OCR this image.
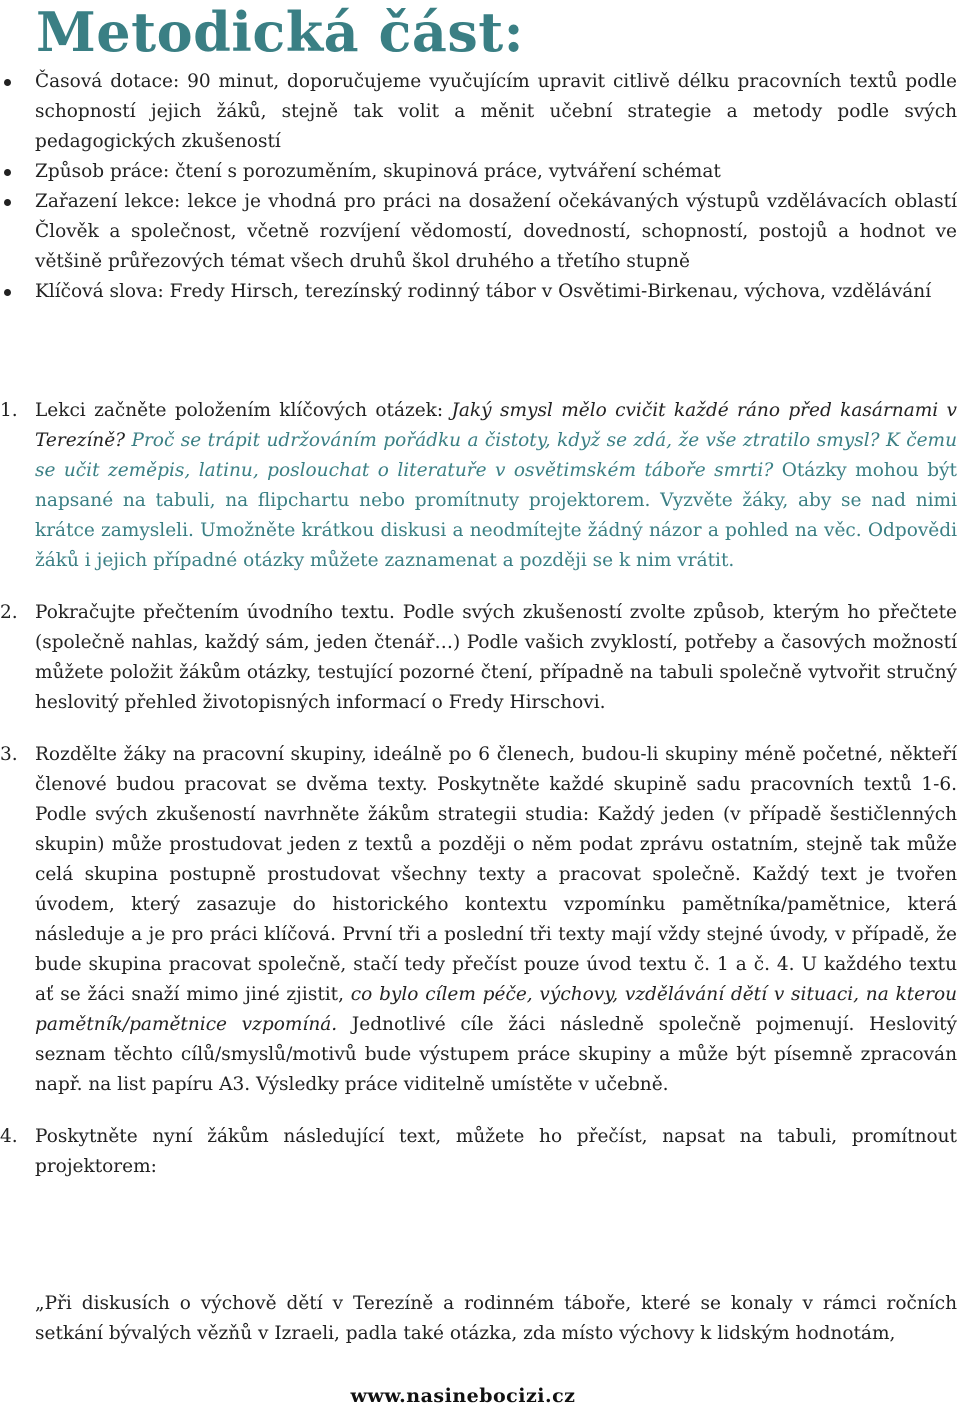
Metodická část:
Časová dotace: 90 minut, doporučujeme vyučujícím upravit citlivě délku pracovních textů podle schopností jejich žáků, stejně tak volit a měnit učební strategie a metody podle svých pedagogických zkušeností
Způsob práce: čtení s porozuměním, skupinová práce, vytváření schémat
Zařazení lekce: lekce je vhodná pro práci na dosažení očekávaných výstupů vzdělávacích oblastí Člověk a společnost, včetně rozvíjení vědomostí, dovedností, schopností, postojů a hodnot ve většině průřezových témat všech druhů škol druhého a třetího stupně
Klíčová slova: Fredy Hirsch, terezínský rodinný tábor v Osvětimi-Birkenau, výchova, vzdělávání
1. Lekci začněte položením klíčových otázek: Jaký smysl mělo cvičit každé ráno před kasárnami v Terezíně? Proč se trápit udržováním pořádku a čistoty, když se zdá, že vše ztratilo smysl? K čemu se učit zeměpis, latinu, poslouchat o literatuře v osvětimském táboře smrti? Otázky mohou být napsané na tabuli, na flipchartu nebo promítnuty projektorem. Vyzvěte žáky, aby se nad nimi krátce zamysleli. Umožněte krátkou diskusi a neodmítejte žádný názor a pohled na věc. Odpovědi žáků i jejich případné otázky můžete zaznamenat a později se k nim vrátit.
2. Pokračujte přečtením úvodního textu. Podle svých zkušeností zvolte způsob, kterým ho přečtete (společně nahlas, každý sám, jeden čtenář…) Podle vašich zvyklostí, potřeby a časových možností můžete položit žákům otázky, testující pozorné čtení, případně na tabuli společně vytvořit stručný heslovitý přehled životopisných informací o Fredy Hirschovi.
3. Rozdělte žáky na pracovní skupiny, ideálně po 6 členech, budou-li skupiny méně početné, někteří členové budou pracovat se dvěma texty. Poskytněte každé skupině sadu pracovních textů 1-6. Podle svých zkušeností navrhněte žákům strategii studia: Každý jeden (v případě šestičlenných skupin) může prostudovat jeden z textů a později o něm podat zprávu ostatním, stejně tak může celá skupina postupně prostudovat všechny texty a pracovat společně. Každý text je tvořen úvodem, který zasazuje do historického kontextu vzpomínku pamětníka/pamětnice, která následuje a je pro práci klíčová. První tři a poslední tři texty mají vždy stejné úvody, v případě, že bude skupina pracovat společně, stačí tedy přečíst pouze úvod textu č. 1 a č. 4. U každého textu ať se žáci snaží mimo jiné zjistit, co bylo cílem péče, výchovy, vzdělávání dětí v situaci, na kterou pamětník/pamětnice vzpomíná. Jednotlivé cíle žáci následně společně pojmenují. Heslovitý seznam těchto cílů/smyslů/motivů bude výstupem práce skupiny a může být písemně zpracován např. na list papíru A3. Výsledky práce viditelně umístěte v učebně.
4. Poskytněte nyní žákům následující text, můžete ho přečíst, napsat na tabuli, promítnout projektorem:

„Při diskusích o výchově dětí v Terezíně a rodinném táboře, které se konaly v rámci ročních setkání bývalých vězňů v Izraeli, padla také otázka, zda místo výchovy k lidským hodnotám,

www.nasinebocizi.cz
